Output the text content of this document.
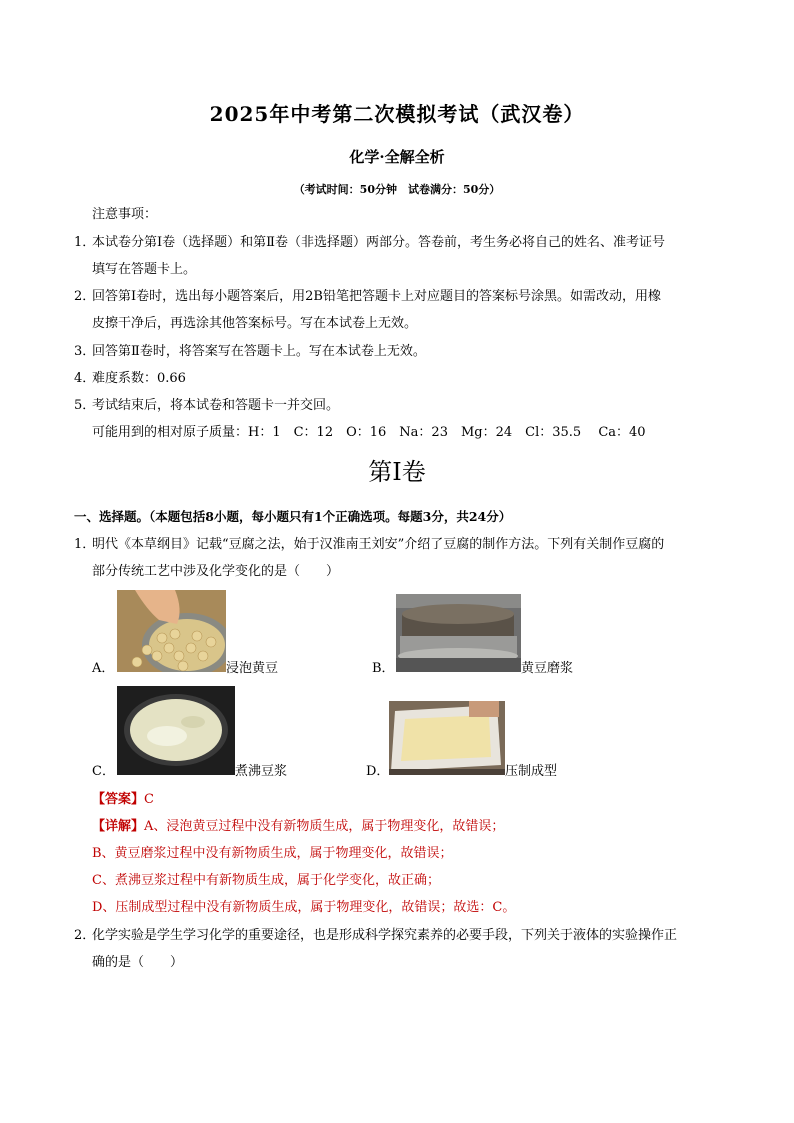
2025年中考第二次模拟考试（武汉卷）
化学·全解全析
（考试时间：50分钟　试卷满分：50分）
注意事项：
1．
本试卷分第Ⅰ卷（选择题）和第Ⅱ卷（非选择题）两部分。答卷前，考生务必将自己的姓名、准考证号
填写在答题卡上。
2．
回答第Ⅰ卷时，选出每小题答案后，用2B铅笔把答题卡上对应题目的答案标号涂黑。如需改动，用橡
皮擦干净后，再选涂其他答案标号。写在本试卷上无效。
3．
回答第Ⅱ卷时，将答案写在答题卡上。写在本试卷上无效。
4．
难度系数：0.66
5．
考试结束后，将本试卷和答题卡一并交回。
可能用到的相对原子质量：H：1　C：12　O：16　Na：23　Mg：24　Cl：35.5　 Ca：40
第Ⅰ卷
一、选择题。（本题包括8小题，每小题只有1个正确选项。每题3分，共24分）
1．
明代《本草纲目》记载“豆腐之法，始于汉淮南王刘安”介绍了豆腐的制作方法。下列有关制作豆腐的
部分传统工艺中涉及化学变化的是（　　）
A．	浸泡黄豆	B．	黄豆磨浆
C．	煮沸豆浆	D．	压制成型
【答案】C
【详解】A、浸泡黄豆过程中没有新物质生成，属于物理变化，故错误；
B、黄豆磨浆过程中没有新物质生成，属于物理变化，故错误；
C、煮沸豆浆过程中有新物质生成，属于化学变化，故正确；
D、压制成型过程中没有新物质生成，属于物理变化，故错误；故选：C。
2．
化学实验是学生学习化学的重要途径，也是形成科学探究素养的必要手段，下列关于液体的实验操作正
确的是（　　）
